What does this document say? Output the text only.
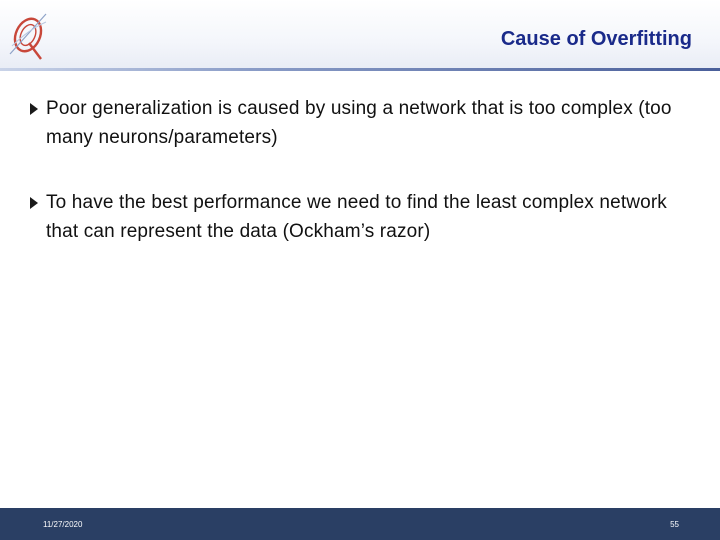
Cause of Overfitting
Poor generalization is caused by using a network that is too complex (too many neurons/parameters)
To have the best performance we need to find the least complex network that can represent the data (Ockham’s razor)
11/27/2020	55
